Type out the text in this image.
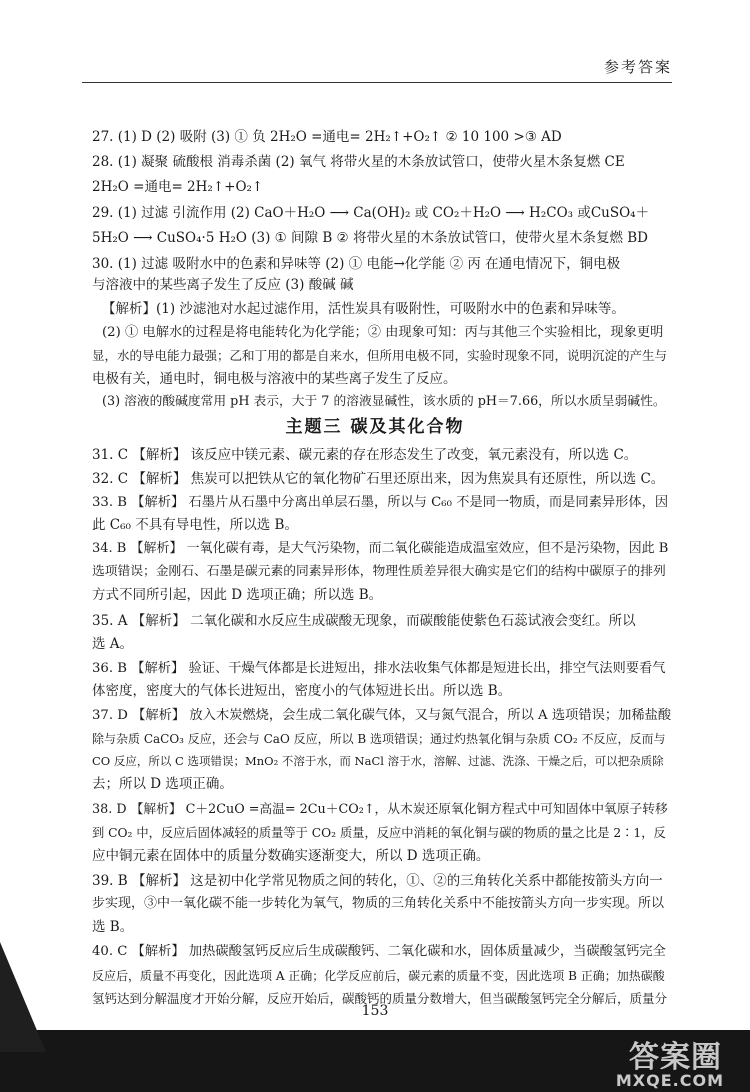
参考答案
27. (1) D (2) 吸附 (3) ① 负 2H₂O =通电= 2H₂↑+O₂↑ ② 10 100 >③ AD
28. (1) 凝聚 硫酸根 消毒杀菌 (2) 氧气 将带火星的木条放试管口，使带火星木条复燃 CE
2H₂O =通电= 2H₂↑+O₂↑
29. (1) 过滤 引流作用 (2) CaO＋H₂O ⟶ Ca(OH)₂ 或 CO₂＋H₂O ⟶ H₂CO₃ 或CuSO₄＋
5H₂O ⟶ CuSO₄·5 H₂O (3) ① 间隙 B ② 将带火星的木条放试管口，使带火星木条复燃 BD
30. (1) 过滤 吸附水中的色素和异味等 (2) ① 电能→化学能 ② 丙 在通电情况下，铜电极
与溶液中的某些离子发生了反应 (3) 酸碱 碱
【解析】(1) 沙滤池对水起过滤作用，活性炭具有吸附性，可吸附水中的色素和异味等。
(2) ① 电解水的过程是将电能转化为化学能；② 由现象可知：丙与其他三个实验相比，现象更明
显，水的导电能力最强；乙和丁用的都是自来水，但所用电极不同，实验时现象不同，说明沉淀的产生与
电极有关，通电时，铜电极与溶液中的某些离子发生了反应。
(3) 溶液的酸碱度常用 pH 表示，大于 7 的溶液显碱性，该水质的 pH＝7.66，所以水质呈弱碱性。
主题三 碳及其化合物
31. C 【解析】 该反应中镁元素、碳元素的存在形态发生了改变，氧元素没有，所以选 C。
32. C 【解析】 焦炭可以把铁从它的氧化物矿石里还原出来，因为焦炭具有还原性，所以选 C。
33. B 【解析】 石墨片从石墨中分离出单层石墨，所以与 C₆₀ 不是同一物质，而是同素异形体，因
此 C₆₀ 不具有导电性，所以选 B。
34. B 【解析】 一氧化碳有毒，是大气污染物，而二氧化碳能造成温室效应，但不是污染物，因此 B
选项错误；金刚石、石墨是碳元素的同素异形体，物理性质差异很大确实是它们的结构中碳原子的排列
方式不同所引起，因此 D 选项正确；所以选 B。
35. A 【解析】 二氧化碳和水反应生成碳酸无现象，而碳酸能使紫色石蕊试液会变红。所以
选 A。
36. B 【解析】 验证、干燥气体都是长进短出，排水法收集气体都是短进长出，排空气法则要看气
体密度，密度大的气体长进短出，密度小的气体短进长出。所以选 B。
37. D 【解析】 放入木炭燃烧，会生成二氧化碳气体，又与氮气混合，所以 A 选项错误；加稀盐酸
除与杂质 CaCO₃ 反应，还会与 CaO 反应，所以 B 选项错误；通过灼热氧化铜与杂质 CO₂ 不反应，反而与
CO 反应，所以 C 选项错误；MnO₂ 不溶于水，而 NaCl 溶于水，溶解、过滤、洗涤、干燥之后，可以把杂质除
去；所以 D 选项正确。
38. D 【解析】 C＋2CuO =高温= 2Cu＋CO₂↑，从木炭还原氧化铜方程式中可知固体中氧原子转移
到 CO₂ 中，反应后固体减轻的质量等于 CO₂ 质量，反应中消耗的氧化铜与碳的物质的量之比是 2∶1，反
应中铜元素在固体中的质量分数确实逐渐变大，所以 D 选项正确。
39. B 【解析】 这是初中化学常见物质之间的转化，①、②的三角转化关系中都能按箭头方向一
步实现，③中一氧化碳不能一步转化为氧气，物质的三角转化关系中不能按箭头方向一步实现。所以
选 B。
40. C 【解析】 加热碳酸氢钙反应后生成碳酸钙、二氧化碳和水，固体质量减少，当碳酸氢钙完全
反应后，质量不再变化，因此选项 A 正确；化学反应前后，碳元素的质量不变，因此选项 B 正确；加热碳酸
氢钙达到分解温度才开始分解，反应开始后，碳酸钙的质量分数增大，但当碳酸氢钙完全分解后，质量分
153
答案圈
MXQE.COM
